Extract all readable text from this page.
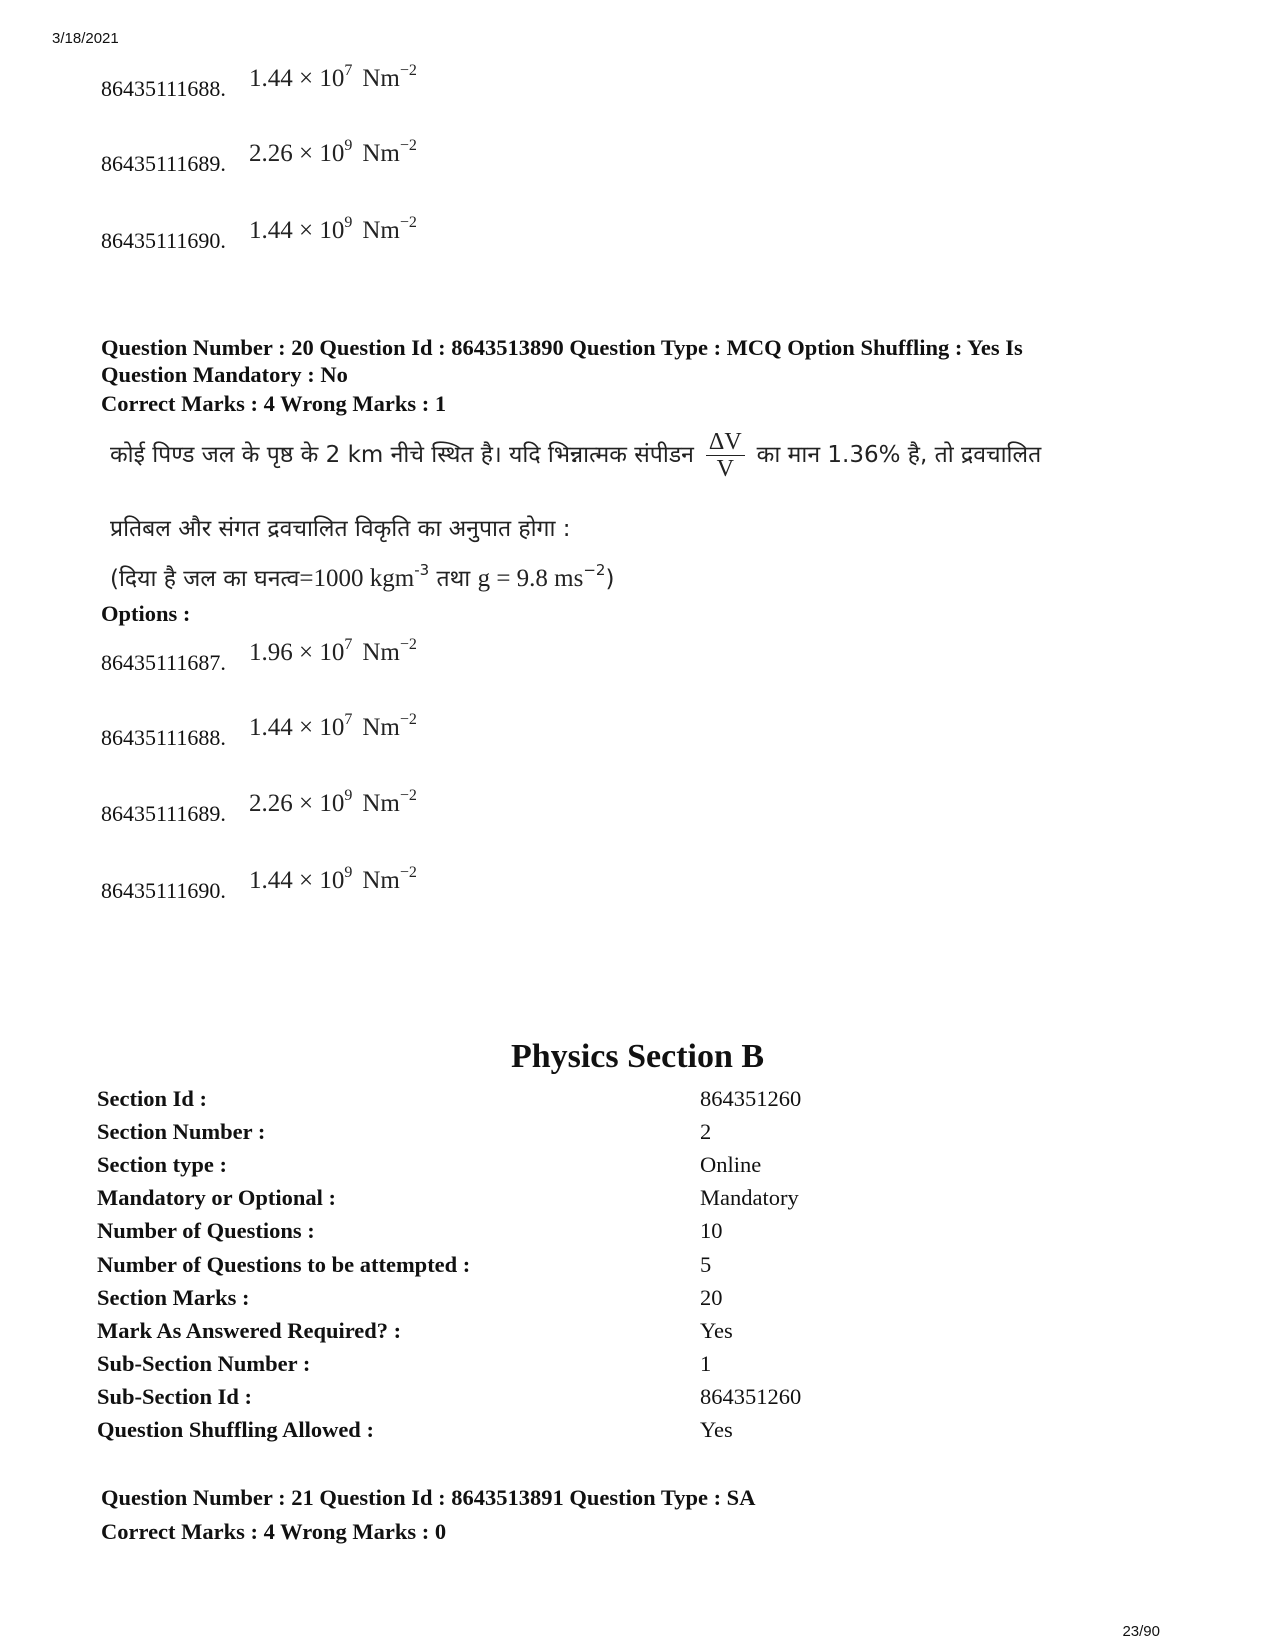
3/18/2021
86435111688. $1.44 \times 10^7$ $Nm^{-2}$
86435111689. $2.26 \times 10^9$ $Nm^{-2}$
86435111690. $1.44 \times 10^9$ $Nm^{-2}$
Question Number : 20 Question Id : 8643513890 Question Type : MCQ Option Shuffling : Yes Is
Question Mandatory : No
Correct Marks : 4 Wrong Marks : 1
कोई पिण्ड जल के पृष्ठ के 2 km नीचे स्थित है। यदि भिन्नात्मक संपीडन $\frac{\Delta V}{V}$ का मान 1.36% है, तो द्रवचालित
प्रतिबल और संगत द्रवचालित विकृति का अनुपात होगा :
(दिया है जल का घनत्व=1000 kgm$^{-3}$ तथा g = 9.8 $ms^{-2}$)
Options :
86435111687. $1.96 \times 10^7$ $Nm^{-2}$
86435111688. $1.44 \times 10^7$ $Nm^{-2}$
86435111689. $2.26 \times 10^9$ $Nm^{-2}$
86435111690. $1.44 \times 10^9$ $Nm^{-2}$
Physics Section B
Section Id :	864351260
Section Number :	2
Section type :	Online
Mandatory or Optional :	Mandatory
Number of Questions :	10
Number of Questions to be attempted :	5
Section Marks :	20
Mark As Answered Required? :	Yes
Sub-Section Number :	1
Sub-Section Id :	864351260
Question Shuffling Allowed :	Yes
Question Number : 21 Question Id : 8643513891 Question Type : SA
Correct Marks : 4 Wrong Marks : 0
23/90
